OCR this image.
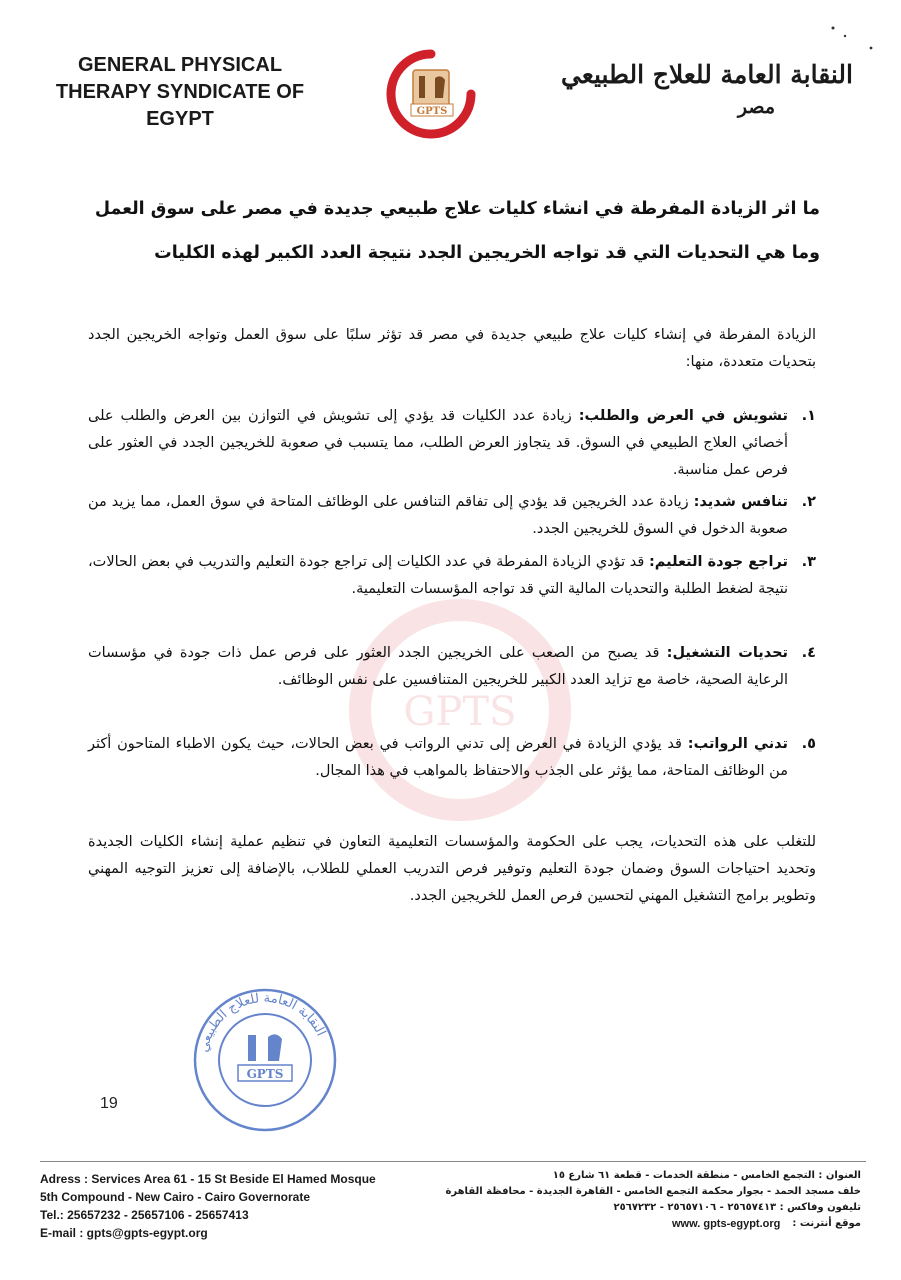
GENERAL PHYSICAL
THERAPY SYNDICATE OF
EGYPT	GPTS
النقابة العامة للعلاج الطبيعي
مصر
GPTS
ما اثر الزيادة المفرطة في انشاء كليات علاج طبيعي جديدة في مصر على سوق العمل
وما هي التحديات التي قد تواجه الخريجين الجدد نتيجة العدد الكبير لهذه الكليات
الزيادة المفرطة في إنشاء كليات علاج طبيعي جديدة في مصر قد تؤثر سلبًا على سوق العمل وتواجه الخريجين الجدد بتحديات متعددة، منها:
١.
تشويش في العرض والطلب: زيادة عدد الكليات قد يؤدي إلى تشويش في التوازن بين العرض والطلب على أخصائي العلاج الطبيعي في السوق. قد يتجاوز العرض الطلب، مما يتسبب في صعوبة للخريجين الجدد في العثور على فرص عمل مناسبة.
٢.
تنافس شديد: زيادة عدد الخريجين قد يؤدي إلى تفاقم التنافس على الوظائف المتاحة في سوق العمل، مما يزيد من صعوبة الدخول في السوق للخريجين الجدد.
٣.
تراجع جودة التعليم: قد تؤدي الزيادة المفرطة في عدد الكليات إلى تراجع جودة التعليم والتدريب في بعض الحالات، نتيجة لضغط الطلبة والتحديات المالية التي قد تواجه المؤسسات التعليمية.
٤.
تحديات التشغيل: قد يصبح من الصعب على الخريجين الجدد العثور على فرص عمل ذات جودة في مؤسسات الرعاية الصحية، خاصة مع تزايد العدد الكبير للخريجين المتنافسين على نفس الوظائف.
٥.
تدني الرواتب: قد يؤدي الزيادة في العرض إلى تدني الرواتب في بعض الحالات، حيث يكون الاطباء المتاحون أكثر من الوظائف المتاحة، مما يؤثر على الجذب والاحتفاظ بالمواهب في هذا المجال.
للتغلب على هذه التحديات، يجب على الحكومة والمؤسسات التعليمية التعاون في تنظيم عملية إنشاء الكليات الجديدة وتحديد احتياجات السوق وضمان جودة التعليم وتوفير فرص التدريب العملي للطلاب، بالإضافة إلى تعزيز التوجيه المهني وتطوير برامج التشغيل المهني لتحسين فرص العمل للخريجين الجدد.
النقابة العامة للعلاج الطبيعي
GPTS
19
Adress : Services Area 61 - 15 St Beside El Hamed Mosque
5th Compound - New Cairo - Cairo Governorate
Tel.: 25657232 - 25657106 - 25657413
E-mail : gpts@gpts-egypt.org
العنوان : التجمع الخامس - منطقة الخدمات - قطعة ٦١ شارع ١٥
خلف مسجد الحمد - بجوار محكمة التجمع الخامس - القاهرة الجديدة - محافظة القاهرة
تليفون وفاكس : ٢٥٦٥٧٤١٣ - ٢٥٦٥٧١٠٦ - ٢٥٦٧٢٣٢
موقع أنترنت :
www. gpts-egypt.org
